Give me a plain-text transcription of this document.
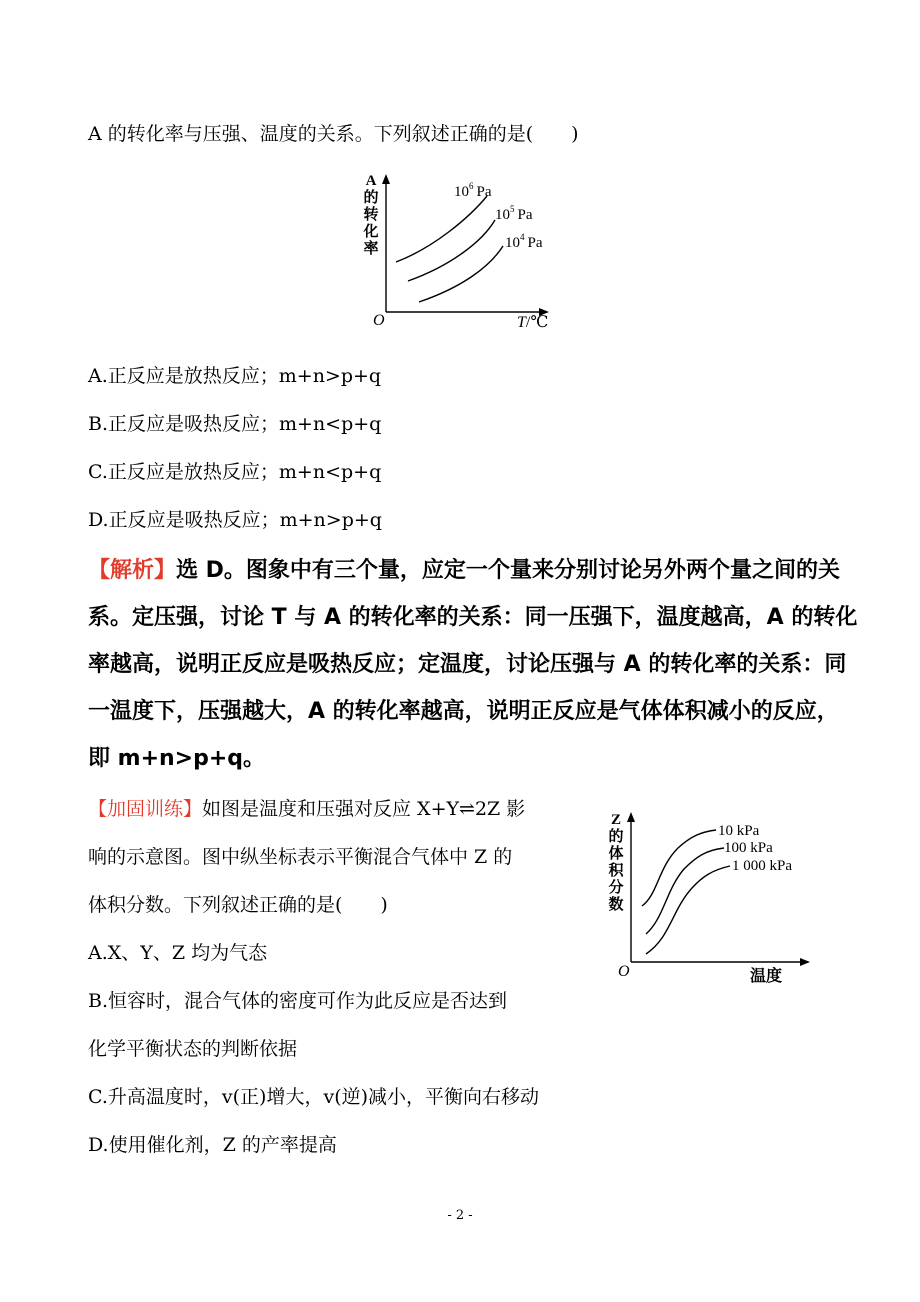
A 的转化率与压强、温度的关系。下列叙述正确的是(　　)
A
的
转
化
率
O	T/℃
$10^6$ Pa
$10^5$ Pa
$10^4$ Pa
A.正反应是放热反应；m+n>p+q
B.正反应是吸热反应；m+n<p+q
C.正反应是放热反应；m+n<p+q
D.正反应是吸热反应；m+n>p+q
【解析】选 D。图象中有三个量，应定一个量来分别讨论另外两个量之间的关
系。定压强，讨论 T 与 A 的转化率的关系：同一压强下，温度越高，A 的转化
率越高，说明正反应是吸热反应；定温度，讨论压强与 A 的转化率的关系：同
一温度下，压强越大，A 的转化率越高，说明正反应是气体体积减小的反应，
即 m+n>p+q。
【加固训练】如图是温度和压强对反应 X+Y⇌2Z 影
响的示意图。图中纵坐标表示平衡混合气体中 Z 的
体积分数。下列叙述正确的是(　　)
A.X、Y、Z 均为气态
B.恒容时，混合气体的密度可作为此反应是否达到
化学平衡状态的判断依据
C.升高温度时，v(正)增大，v(逆)减小，平衡向右移动
D.使用催化剂，Z 的产率提高
Z
的
体
积
分
数
O	温度
10 kPa
100 kPa
1 000 kPa
- 2 -
